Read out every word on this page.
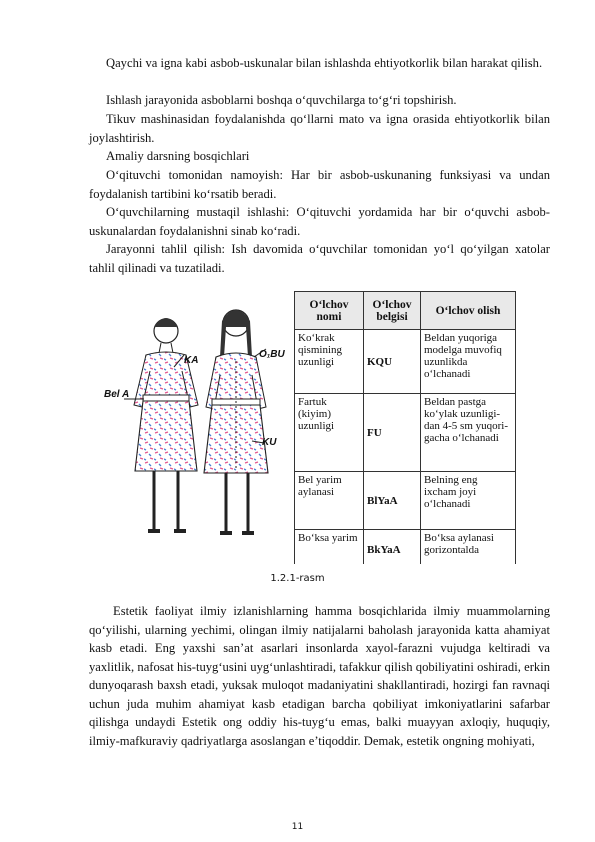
Qaychi va igna kabi asbob-uskunalar bilan ishlashda ehtiyotkorlik bilan harakat qilish.
Ishlash jarayonida asboblarni boshqa o‘quvchilarga to‘g‘ri topshirish.
Tikuv mashinasidan foydalanishda qo‘llarni mato va igna orasida ehtiyotkorlik bilan joylashtirish.
Amaliy darsning bosqichlari
O‘qituvchi tomonidan namoyish: Har bir asbob-uskunaning funksiyasi va undan foydalanish tartibini ko‘rsatib beradi.
O‘quvchilarning mustaqil ishlashi: O‘qituvchi yordamida har bir o‘quvchi asbob-uskunalardan foydalanishni sinab ko‘radi.
Jarayonni tahlil qilish: Ish davomida o‘quvchilar tomonidan yo‘l qo‘yilgan xatolar tahlil qilinadi va tuzatiladi.
KA
O₁BU
Bel A
KU
O‘lchov nomi	O‘lchov belgisi	O‘lchov olish
Ko‘krak qismining uzunligi	KQU	Beldan yuqoriga modelga muvofiq uzunlikda o‘lchanadi
Fartuk (kiyim) uzunligi	FU	Beldan pastga ko‘ylak uzunligi- dan 4-5 sm yuqori-gacha o‘lchanadi
Bel yarim aylanasi	BlYaA	Belning eng ixcham joyi o‘lchanadi
Bo‘ksa yarim	BkYaA	Bo‘ksa aylanasi gorizontalda
1.2.1-rasm
Estetik faoliyat ilmiy izlanishlarning hamma bosqichlarida ilmiy muammolarning qo‘yilishi, ularning yechimi, olingan ilmiy natijalarni baholash jarayonida katta ahamiyat kasb etadi. Eng yaxshi san’at asarlari insonlarda xayol-farazni vujudga keltiradi va yaxlitlik, nafosat his-tuyg‘usini uyg‘unlashtiradi, tafakkur qilish qobiliyatini oshiradi, erkin dunyoqarash baxsh etadi, yuksak muloqot madaniyatini shakllantiradi, hozirgi fan ravnaqi uchun juda muhim ahamiyat kasb etadigan barcha qobiliyat imkoniyatlarini safarbar qilishga undaydi Estetik ong oddiy his-tuyg‘u emas, balki muayyan axloqiy, huquqiy, ilmiy-mafkuraviy qadriyatlarga asoslangan e’tiqoddir. Demak, estetik ongning mohiyati,
11
